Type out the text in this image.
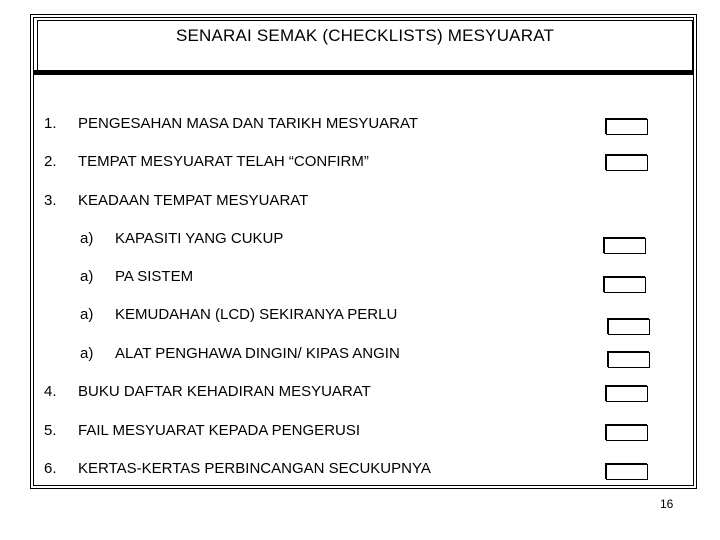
SENARAI SEMAK (CHECKLISTS) MESYUARAT
1. PENGESAHAN MASA DAN TARIKH MESYUARAT
2. TEMPAT MESYUARAT TELAH “CONFIRM”
3. KEADAAN TEMPAT MESYUARAT
a) KAPASITI YANG CUKUP
a) PA SISTEM
a) KEMUDAHAN (LCD) SEKIRANYA PERLU
a) ALAT PENGHAWA DINGIN/ KIPAS ANGIN
4. BUKU DAFTAR KEHADIRAN MESYUARAT
5. FAIL MESYUARAT KEPADA PENGERUSI
6. KERTAS-KERTAS PERBINCANGAN SECUKUPNYA
16
